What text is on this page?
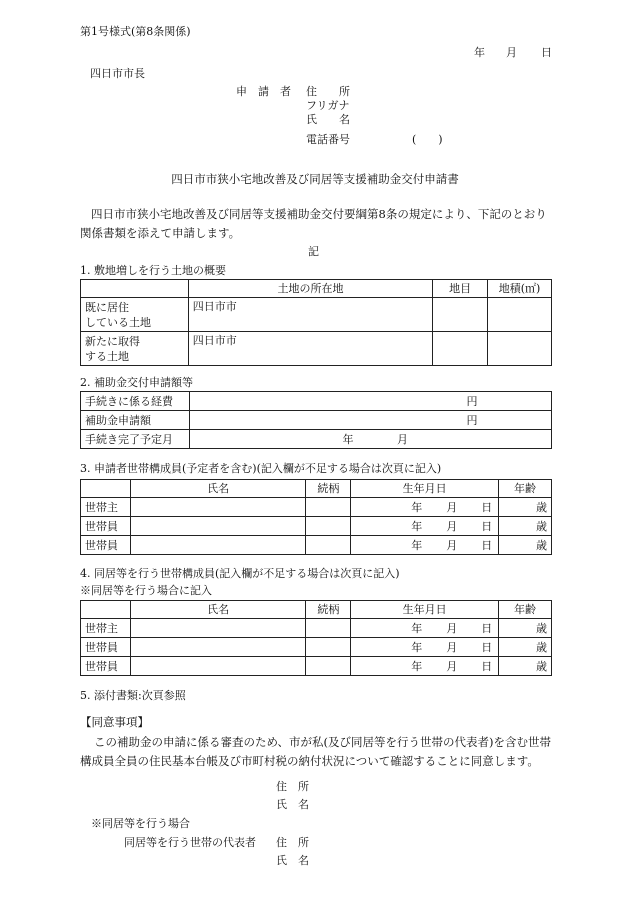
第1号様式(第8条関係)
年 月 日
四日市市長
申　請　者 住　　所
フリガナ
氏　　名
電話番号	(　　)
四日市市狭小宅地改善及び同居等支援補助金交付申請書
四日市市狭小宅地改善及び同居等支援補助金交付要綱第8条の規定により、下記のとおり
関係書類を添えて申請します。
記
1. 敷地増しを行う土地の概要
	土地の所在地	地目	地積(㎡)

既に居住
している土地	四日市市		

新たに取得
する土地	四日市市		
2. 補助金交付申請額等
手続きに係る経費	円
補助金申請額	円
手続き完了予定月	年 月
3. 申請者世帯構成員(予定者を含む)(記入欄が不足する場合は次頁に記入)
	氏名	続柄	生年月日	年齢
世帯主			年 月 日	歳
世帯員			年 月 日	歳
世帯員			年 月 日	歳
4. 同居等を行う世帯構成員(記入欄が不足する場合は次頁に記入)
※同居等を行う場合に記入
	氏名	続柄	生年月日	年齢
世帯主			年 月 日	歳
世帯員			年 月 日	歳
世帯員			年 月 日	歳
5. 添付書類:次頁参照
【同意事項】
この補助金の申請に係る審査のため、市が私(及び同居等を行う世帯の代表者)を含む世帯
構成員全員の住民基本台帳及び市町村税の納付状況について確認することに同意します。
住　所
氏　名
※同居等を行う場合
同居等を行う世帯の代表者 住　所
氏　名
